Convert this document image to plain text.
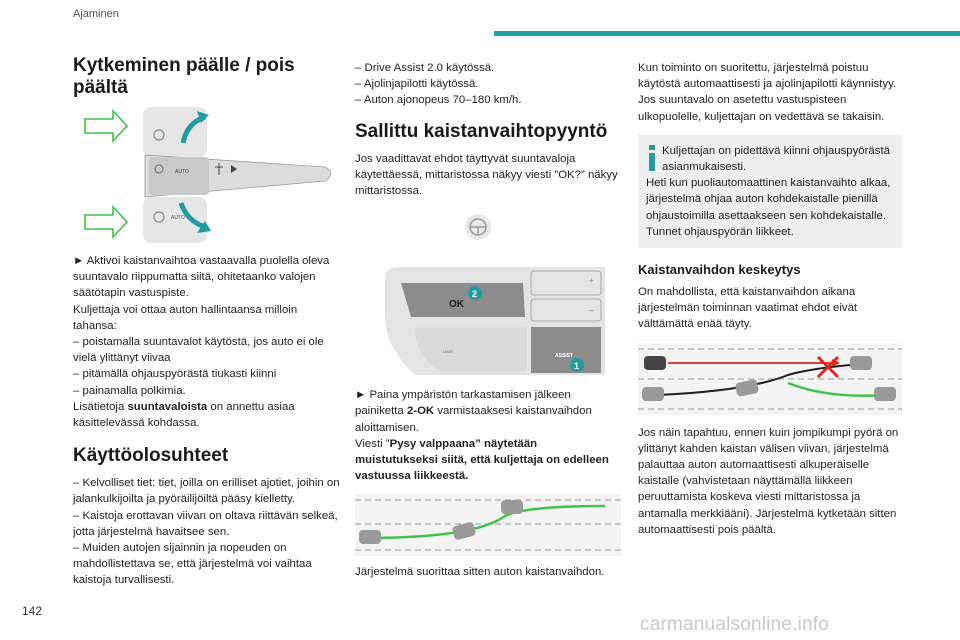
Ajaminen
Kytkeminen päälle / pois päältä
AUTO
AUTO

► Aktivoi kaistanvaihtoa vastaavalla puolella oleva suuntavalo riippumatta siitä, ohitetaanko valojen säätötapin vastuspiste.

Kuljettaja voi ottaa auton hallintaansa milloin tahansa:

– poistamalla suuntavalot käytöstä, jos auto ei ole vielä ylittänyt viivaa

– pitämällä ohjauspyörästä tiukasti kiinni

– painamalla polkimia.

Lisätietoja suuntavaloista on annettu asiaa käsittelevässä kohdassa.

Käyttöolosuhteet

– Kelvolliset tiet: tiet, joilla on erilliset ajotiet, joihin on jalankulkijoilta ja pyöräilijöiltä pääsy kielletty.

– Kaistoja erottavan viivan on oltava riittävän selkeä, jotta järjestelmä havaitsee sen.

– Muiden autojen sijainnin ja nopeuden on mahdollistettava se, että järjestelmä voi vaihtaa kaistoja turvallisesti.

– Drive Assist 2.0 käytössä.

– Ajolinjapilotti käytössä.

– Auton ajonopeus 70–180 km/h.

Sallittu kaistanvaihtopyyntö

Jos vaadittavat ehdot täyttyvät suuntavaloja käytettäessä, mittaristossa näkyy viesti ”OK?” näkyy mittaristossa.

OK
2
+
–
LIMIT
ASSIST
1

► Paina ympäristön tarkastamisen jälkeen painiketta 2-OK varmistaaksesi kaistanvaihdon aloittamisen.

Viesti ”Pysy valppaana” näytetään muistutukseksi siitä, että kuljettaja on edelleen vastuussa liikkeestä.

Järjestelmä suorittaa sitten auton kaistanvaihdon.

Kun toiminto on suoritettu, järjestelmä poistuu käytöstä automaattisesti ja ajolinjapilotti käynnistyy.

Jos suuntavalo on asetettu vastuspisteen ulkopuolelle, kuljettajan on vedettävä se takaisin.

Kuljettajan on pidettävä kiinni ohjauspyörästä asianmukaisesti.

Heti kun puoliautomaattinen kaistanvaihto alkaa, järjestelmä ohjaa auton kohdekaistalle pienillä ohjaustoimilla asettaakseen sen kohdekaistalle.

Tunnet ohjauspyörän liikkeet.

Kaistanvaihdon keskeytys

On mahdollista, että kaistanvaihdon aikana järjestelmän toiminnan vaatimat ehdot eivät välttämättä enää täyty.

Jos näin tapahtuu, ennen kuin jompikumpi pyörä on ylittänyt kahden kaistan välisen viivan, järjestelmä palauttaa auton automaattisesti alkuperäiselle kaistalle (vahvistetaan näyttämällä liikkeen peruuttamista koskeva viesti mittaristossa ja antamalla merkkiääni). Järjestelmä kytketään sitten automaattisesti pois päältä.

142
carmanualsonline.info
